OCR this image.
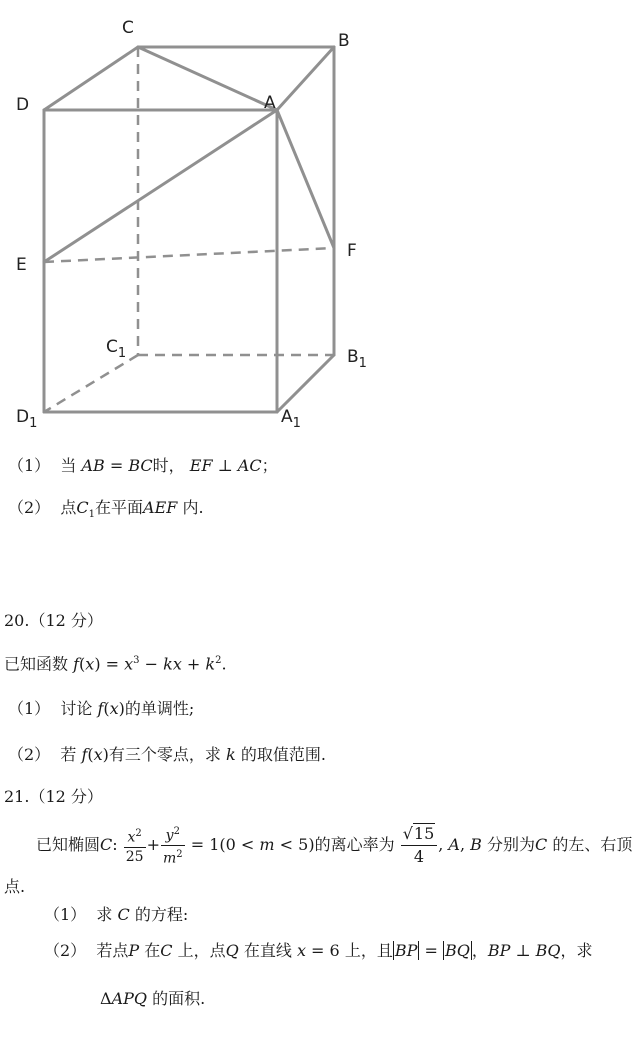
C
B
D	A
E
F
$C_1$	$B_1$
$D_1$	$A_1$
（1） 当 AB = BC时， EF ⊥ AC；
（2） 点$C_1$在平面AEF 内.
20.（12 分）
已知函数 $f(x) = x^3$ − kx + $k^2$.
（1） 讨论 f(x)的单调性;
（2） 若 f(x)有三个零点，求 k 的取值范围.
21.（12 分）
已知椭圆C: $\frac{x^2}{25} + \frac{y^2}{m^2} = 1(0 < m < 5)$的离心率为 $\frac{√15}{4}$ , A, B 分别为C 的左、右顶
点.
（1） 求 C 的方程:
（2） 若点P 在C 上，点Q 在直线 x = 6 上，且 BP = BQ ，BP ⊥ BQ，求
ΔAPQ 的面积.
